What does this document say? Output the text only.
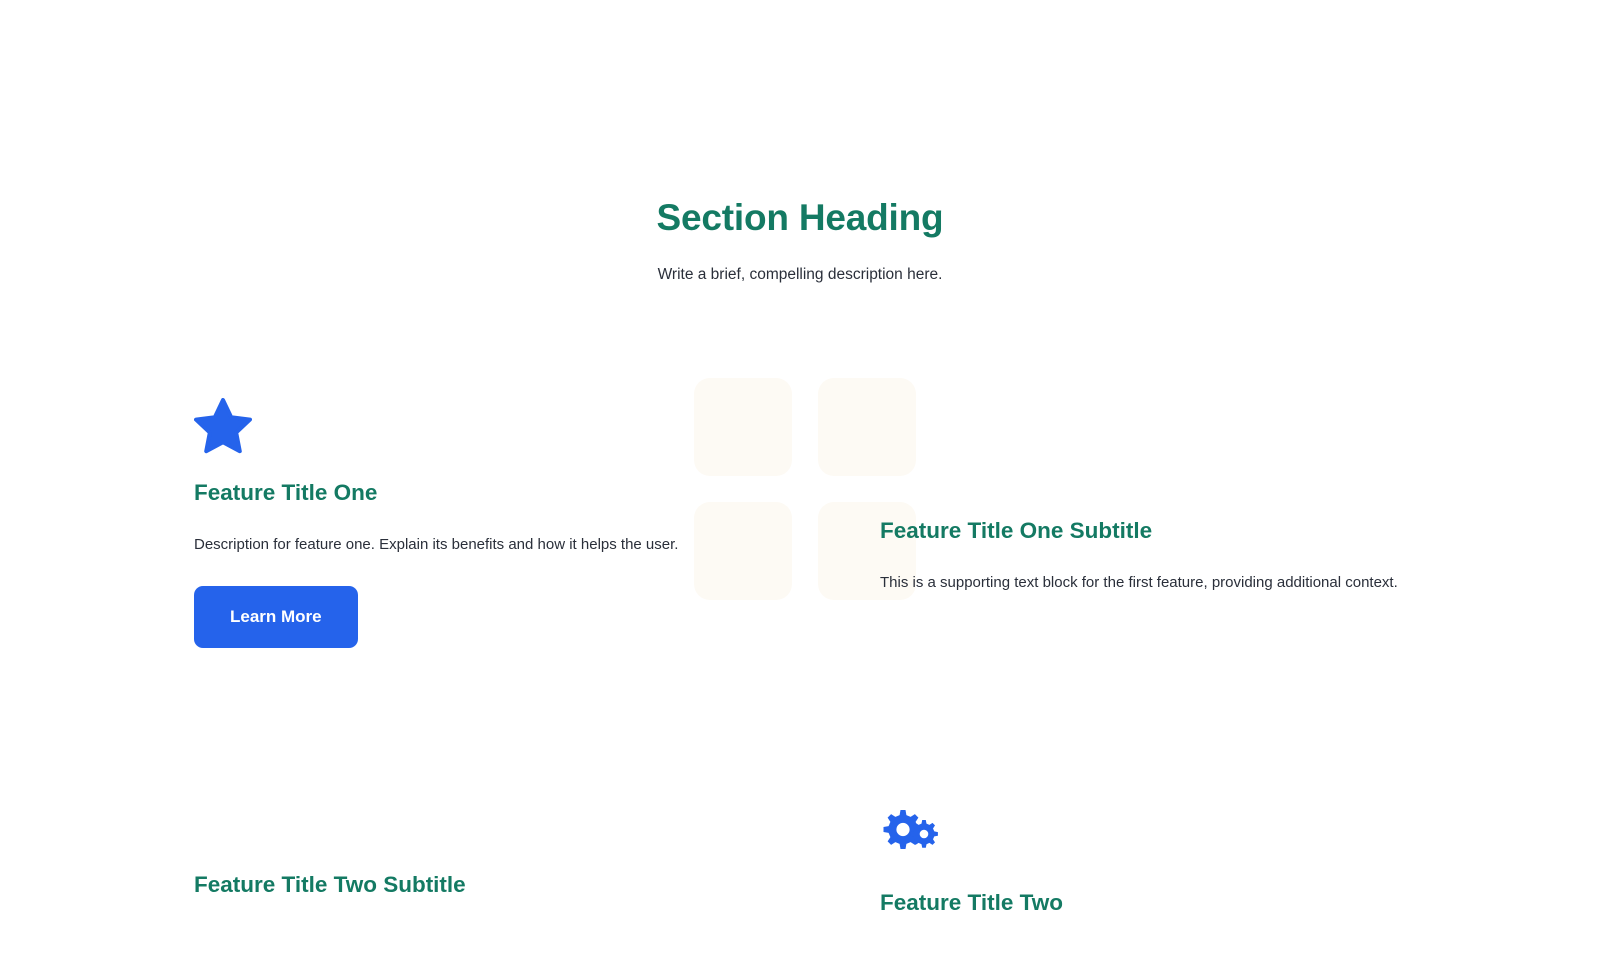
Section Heading

Write a brief, compelling description here.

Feature Title One

Description for feature one. Explain its benefits and how it helps the user.

Learn More
Feature Title One Subtitle

This is a supporting text block for the first feature, providing additional context.

Feature Title Two Subtitle
Feature Title Two
